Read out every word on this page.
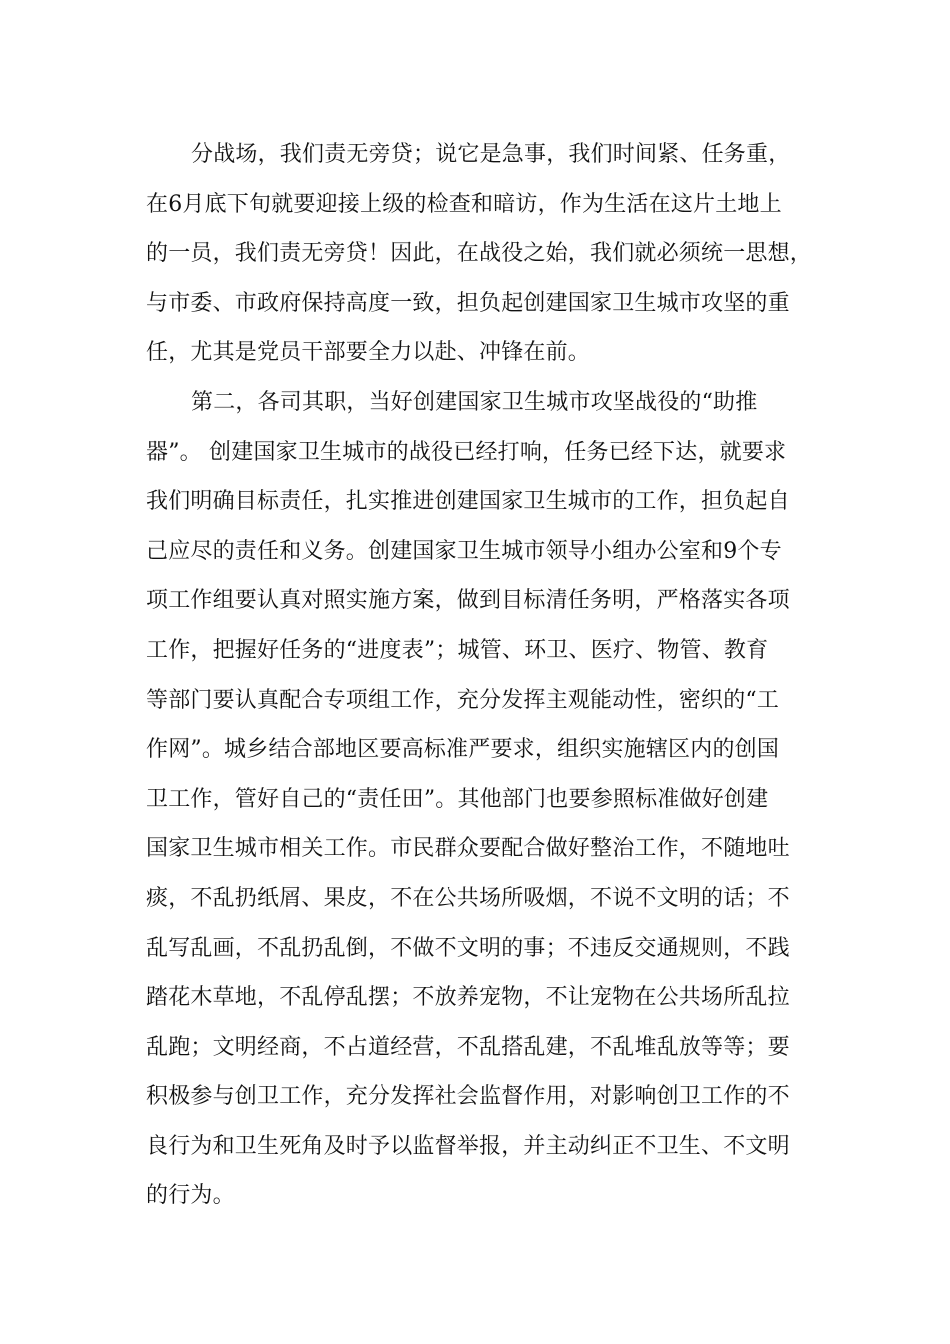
分战场，我们责无旁贷；说它是急事，我们时间紧、任务重，
在6月底下旬就要迎接上级的检查和暗访，作为生活在这片土地上
的一员，我们责无旁贷！因此，在战役之始，我们就必须统一思想，
与市委、市政府保持高度一致，担负起创建国家卫生城市攻坚的重
任，尤其是党员干部要全力以赴、冲锋在前。
第二，各司其职，当好创建国家卫生城市攻坚战役的“助推
器”。 创建国家卫生城市的战役已经打响，任务已经下达，就要求
我们明确目标责任，扎实推进创建国家卫生城市的工作，担负起自
己应尽的责任和义务。创建国家卫生城市领导小组办公室和9个专
项工作组要认真对照实施方案，做到目标清任务明，严格落实各项
工作，把握好任务的“进度表”；城管、环卫、医疗、物管、教育
等部门要认真配合专项组工作，充分发挥主观能动性，密织的“工
作网”。城乡结合部地区要高标准严要求，组织实施辖区内的创国
卫工作，管好自己的“责任田”。其他部门也要参照标准做好创建
国家卫生城市相关工作。市民群众要配合做好整治工作，不随地吐
痰，不乱扔纸屑、果皮，不在公共场所吸烟，不说不文明的话；不
乱写乱画，不乱扔乱倒，不做不文明的事；不违反交通规则，不践
踏花木草地，不乱停乱摆；不放养宠物，不让宠物在公共场所乱拉
乱跑；文明经商，不占道经营，不乱搭乱建，不乱堆乱放等等；要
积极参与创卫工作，充分发挥社会监督作用，对影响创卫工作的不
良行为和卫生死角及时予以监督举报，并主动纠正不卫生、不文明
的行为。
